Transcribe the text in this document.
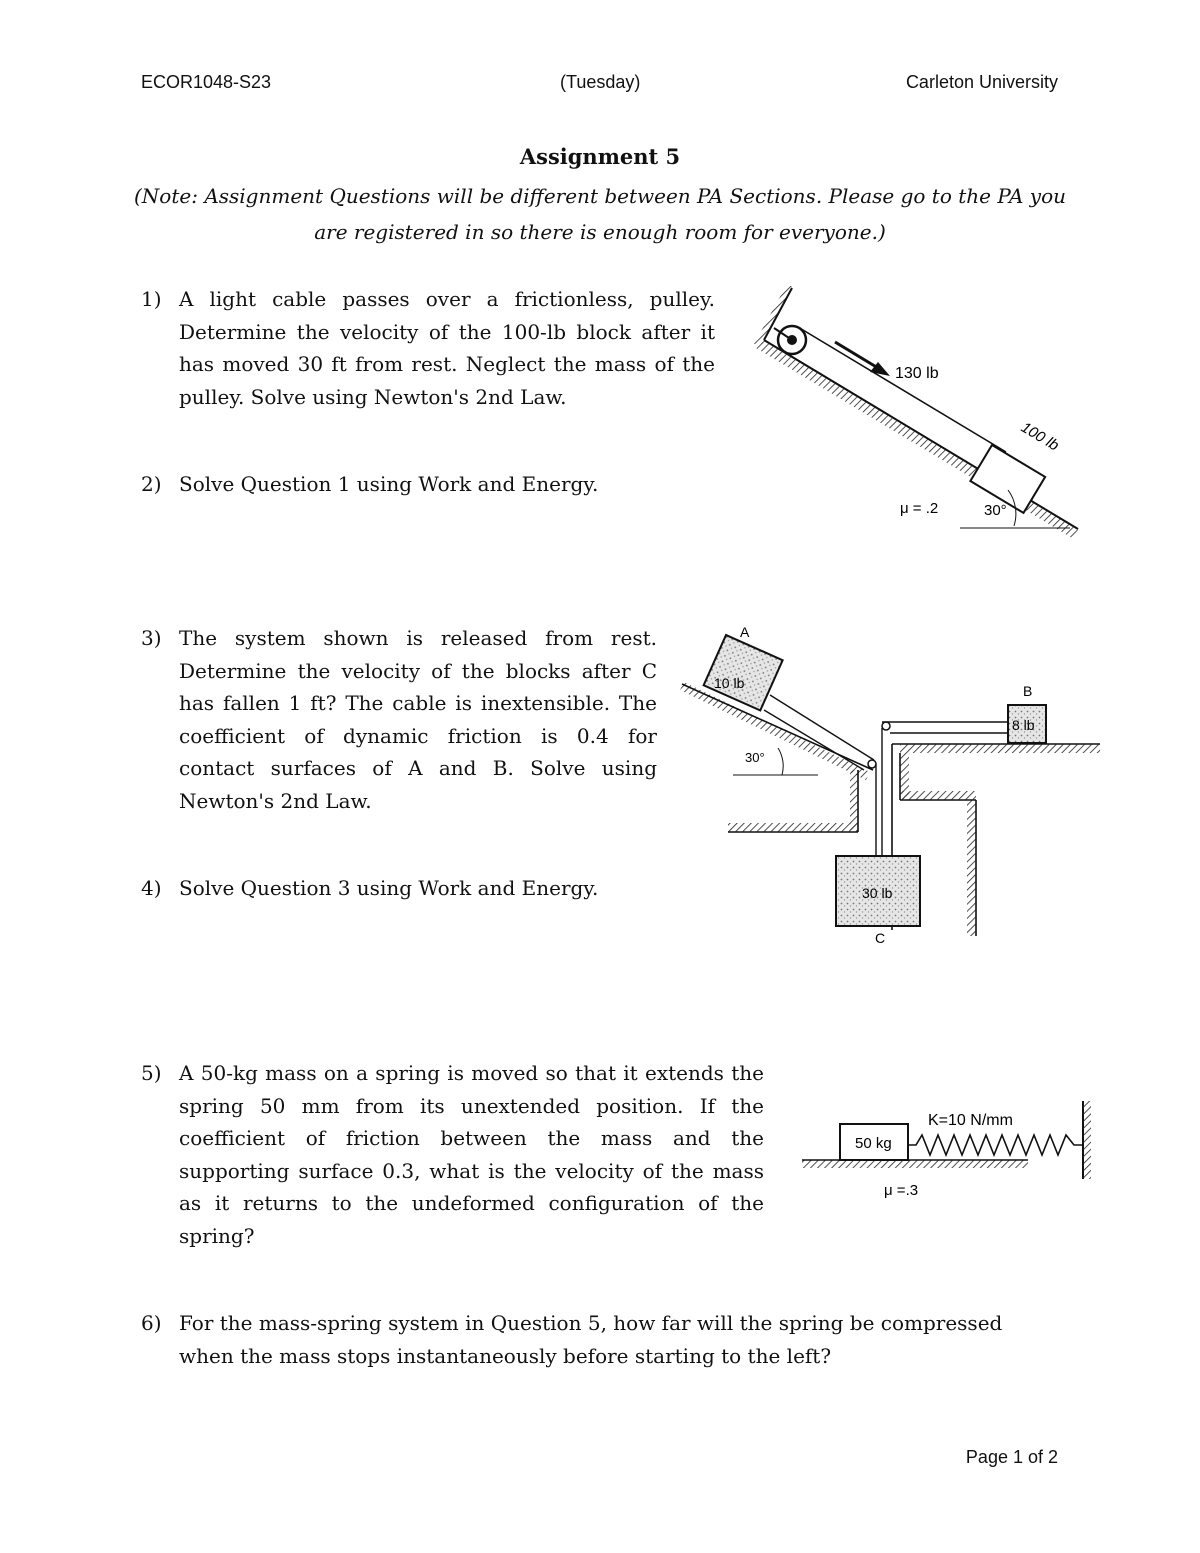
ECOR1048-S23	(Tuesday)	Carleton University
Assignment 5
(Note: Assignment Questions will be different between PA Sections. Please go to the PA you are registered in so there is enough room for everyone.)
1) A light cable passes over a frictionless, pulley. Determine the velocity of the 100-lb block after it has moved 30 ft from rest. Neglect the mass of the pulley. Solve using Newton's 2nd Law.
2) Solve Question 1 using Work and Energy.
3) The system shown is released from rest. Determine the velocity of the blocks after C has fallen 1 ft? The cable is inextensible. The coefficient of dynamic friction is 0.4 for contact surfaces of A and B. Solve using Newton's 2nd Law.
4) Solve Question 3 using Work and Energy.
5) A 50-kg mass on a spring is moved so that it extends the spring 50 mm from its unextended position. If the coefficient of friction between the mass and the supporting surface 0.3, what is the velocity of the mass as it returns to the undeformed configuration of the spring?
6) For the mass-spring system in Question 5, how far will the spring be compressed when the mass stops instantaneously before starting to the left?
130 lb
100 lb
μ = .2	30°
30°
10 lb
A
8 lb
B
30 lb
C
50 kg
K=10 N/mm
μ =.3
Page 1 of 2
